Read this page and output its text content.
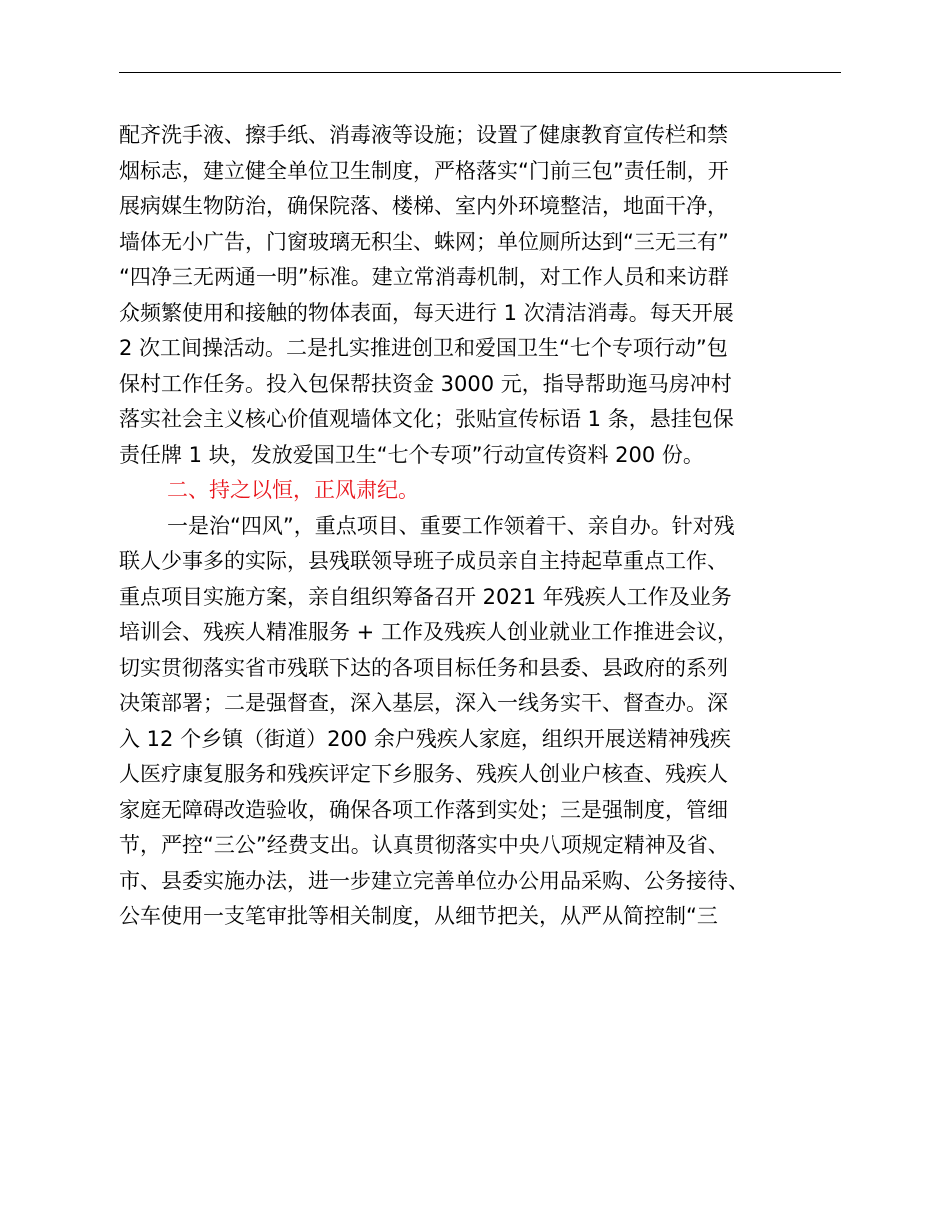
配齐洗手液、擦手纸、消毒液等设施；设置了健康教育宣传栏和禁
烟标志，建立健全单位卫生制度，严格落实“门前三包”责任制，开
展病媒生物防治，确保院落、楼梯、室内外环境整洁，地面干净，
墙体无小广告，门窗玻璃无积尘、蛛网；单位厕所达到“三无三有”
“四净三无两通一明”标准。建立常消毒机制，对工作人员和来访群
众频繁使用和接触的物体表面，每天进行 1 次清洁消毒。每天开展
2 次工间操活动。二是扎实推进创卫和爱国卫生“七个专项行动”包
保村工作任务。投入包保帮扶资金 3000 元，指导帮助迤马房冲村
落实社会主义核心价值观墙体文化；张贴宣传标语 1 条，悬挂包保
责任牌 1 块，发放爱国卫生“七个专项”行动宣传资料 200 份。
二、持之以恒，正风肃纪。
一是治“四风”，重点项目、重要工作领着干、亲自办。针对残
联人少事多的实际，县残联领导班子成员亲自主持起草重点工作、
重点项目实施方案，亲自组织筹备召开 2021 年残疾人工作及业务
培训会、残疾人精准服务 + 工作及残疾人创业就业工作推进会议，
切实贯彻落实省市残联下达的各项目标任务和县委、县政府的系列
决策部署；二是强督查，深入基层，深入一线务实干、督查办。深
入 12 个乡镇（街道）200 余户残疾人家庭，组织开展送精神残疾
人医疗康复服务和残疾评定下乡服务、残疾人创业户核查、残疾人
家庭无障碍改造验收，确保各项工作落到实处；三是强制度，管细
节，严控“三公”经费支出。认真贯彻落实中央八项规定精神及省、
市、县委实施办法，进一步建立完善单位办公用品采购、公务接待、
公车使用一支笔审批等相关制度，从细节把关，从严从简控制“三
